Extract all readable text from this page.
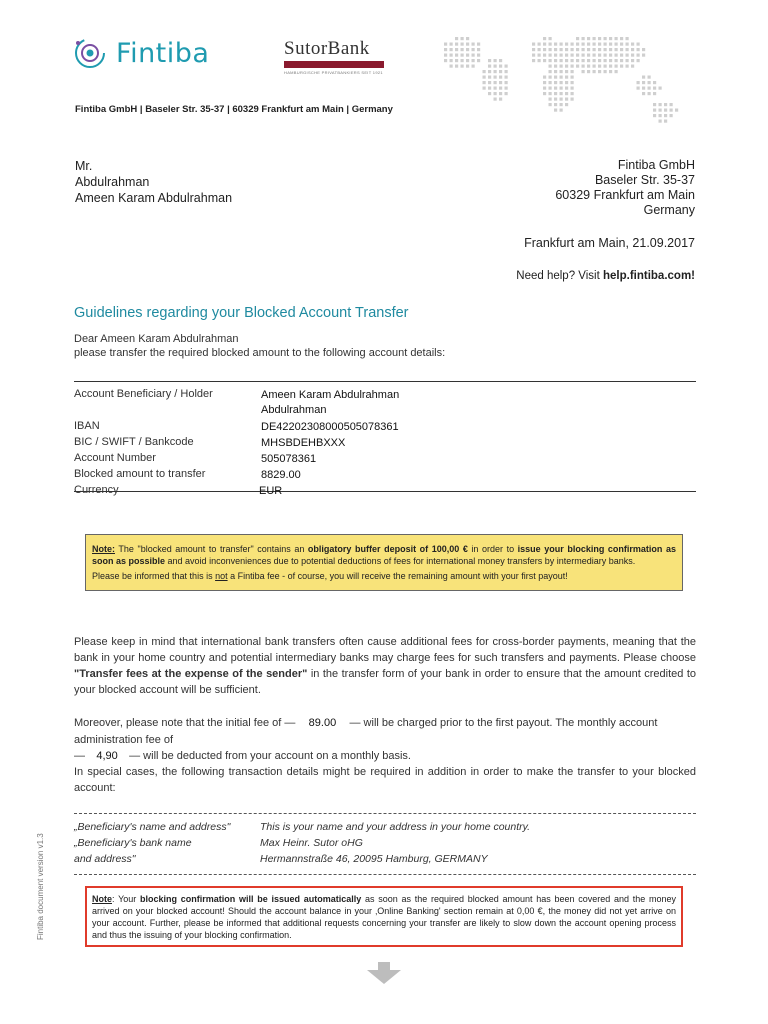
Fintiba	SutorBank
HAMBURGISCHE PRIVATBANKIERS SEIT 1921
Fintiba GmbH | Baseler Str. 35-37 | 60329 Frankfurt am Main | Germany
Mr.
Abdulrahman
Ameen Karam Abdulrahman
Fintiba GmbH
Baseler Str. 35-37
60329 Frankfurt am Main
Germany
Frankfurt am Main, 21.09.2017
Need help? Visit help.fintiba.com!
Guidelines regarding your Blocked Account Transfer
Dear Ameen Karam Abdulrahman
please transfer the required blocked amount to the following account details:
Account Beneficiary / Holder	Ameen Karam Abdulrahman
Abdulrahman
IBAN	DE42202308000505078361
BIC / SWIFT / Bankcode	MHSBDEHBXXX
Account Number	505078361
Blocked amount to transfer	8829.00
Currency	EUR
Note: The "blocked amount to transfer" contains an obligatory buffer deposit of 100,00 € in order to issue your blocking confirmation as soon as possible and avoid inconveniences due to potential deductions of fees for international money transfers by intermediary banks.
Please be informed that this is not a Fintiba fee - of course, you will receive the remaining amount with your first payout!
Please keep in mind that international bank transfers often cause additional fees for cross-border payments, meaning that the bank in your home country and potential intermediary banks may charge fees for such transfers and payments. Please choose "Transfer fees at the expense of the sender" in the transfer form of your bank in order to ensure that the amount credited to your blocked account will be sufficient.
Moreover, please note that the initial fee of — 89.00 — will be charged prior to the first payout. The monthly account administration fee of
— 4,90 — will be deducted from your account on a monthly basis.
In special cases, the following transaction details might be required in addition in order to make the transfer to your blocked account:
„Beneficiary's name and address"	This is your name and your address in your home country.
„Beneficiary's bank name	Max Heinr. Sutor oHG
and address"	Hermannstraße 46, 20095 Hamburg, GERMANY
Note: Your blocking confirmation will be issued automatically as soon as the required blocked amount has been covered and the money arrived on your blocked account! Should the account balance in your ‚Online Banking' section remain at 0,00 €, the money did not yet arrive on your account. Further, please be informed that additional requests concerning your transfer are likely to slow down the account opening process and thus the issuing of your blocking confirmation.
Fintiba document version v1.3
